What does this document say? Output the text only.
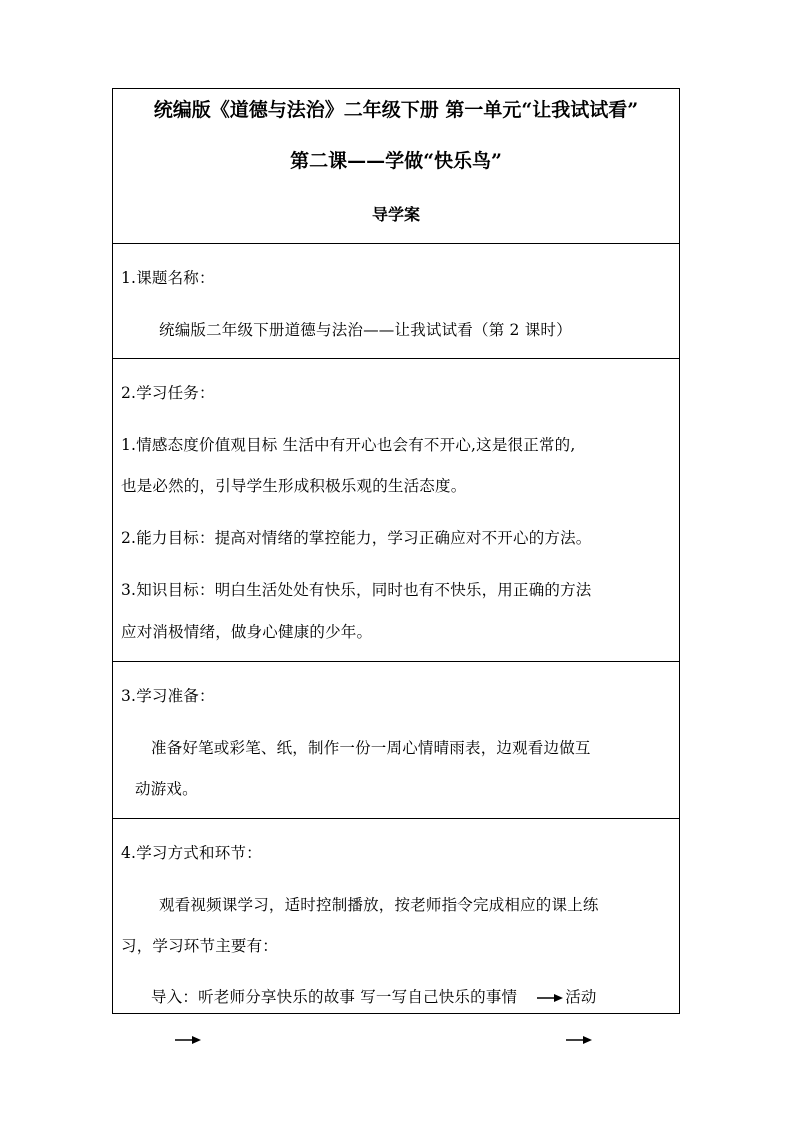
统编版《道德与法治》二年级下册 第一单元“让我试试看”
第二课——学做“快乐鸟”
导学案
1.课题名称：
统编版二年级下册道德与法治——让我试试看（第 2 课时）
2.学习任务：
1.情感态度价值观目标 生活中有开心也会有不开心,这是很正常的,
也是必然的，引导学生形成积极乐观的生活态度。
2.能力目标：提高对情绪的掌控能力，学习正确应对不开心的方法。
3.知识目标：明白生活处处有快乐，同时也有不快乐，用正确的方法
应对消极情绪，做身心健康的少年。
3.学习准备：
准备好笔或彩笔、纸，制作一份一周心情晴雨表，边观看边做互
动游戏。
4.学习方式和环节：
观看视频课学习，适时控制播放，按老师指令完成相应的课上练
习，学习环节主要有：
导入：听老师分享快乐的故事 写一写自己快乐的事情	活动
